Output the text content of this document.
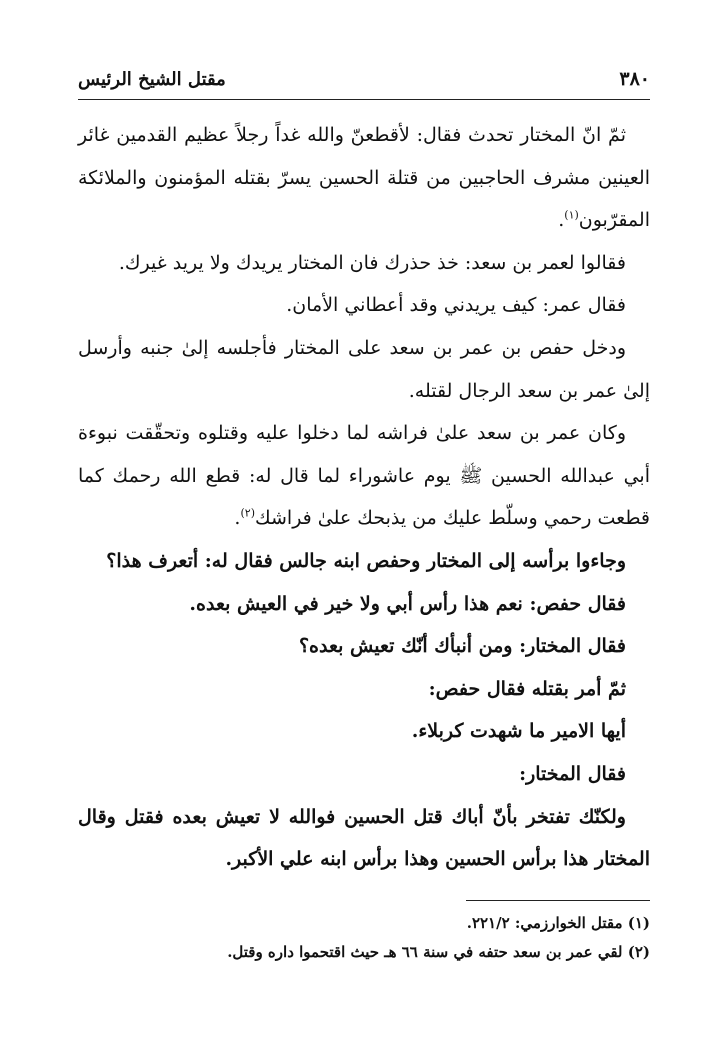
٣٨٠
مقتل الشيخ الرئيس

ثمّ انّ المختار تحدث فقال: لأقطعنّ والله غداً رجلاً عظيم القدمين غائر العينين مشرف الحاجبين من قتلة الحسين يسرّ بقتله المؤمنون والملائكة المقرّبون$^{(١)}$.

فقالوا لعمر بن سعد: خذ حذرك فان المختار يريدك ولا يريد غيرك.

فقال عمر: كيف يريدني وقد أعطاني الأمان.

ودخل حفص بن عمر بن سعد على المختار فأجلسه إلىٰ جنبه وأرسل إلىٰ عمر بن سعد الرجال لقتله.

وكان عمر بن سعد علىٰ فراشه لما دخلوا عليه وقتلوه وتحقّقت نبوءة أبي عبدالله الحسين ﷺ يوم عاشوراء لما قال له: قطع الله رحمك كما قطعت رحمي وسلّط عليك من يذبحك علىٰ فراشك$^{(٢)}$.

وجاءوا برأسه إلى المختار وحفص ابنه جالس فقال له: أتعرف هذا؟

فقال حفص: نعم هذا رأس أبي ولا خير في العيش بعده.

فقال المختار: ومن أنبأك أنّك تعيش بعده؟

ثمّ أمر بقتله فقال حفص:

أيها الامير ما شهدت كربلاء.

فقال المختار:

ولكنّك تفتخر بأنّ أباك قتل الحسين فوالله لا تعيش بعده فقتل وقال المختار هذا برأس الحسين وهذا برأس ابنه علي الأكبر.

(١) مقتل الخوارزمي: ٢٢١/٢.

(٢) لقي عمر بن سعد حتفه في سنة ٦٦ هـ حيث اقتحموا داره وقتل.
